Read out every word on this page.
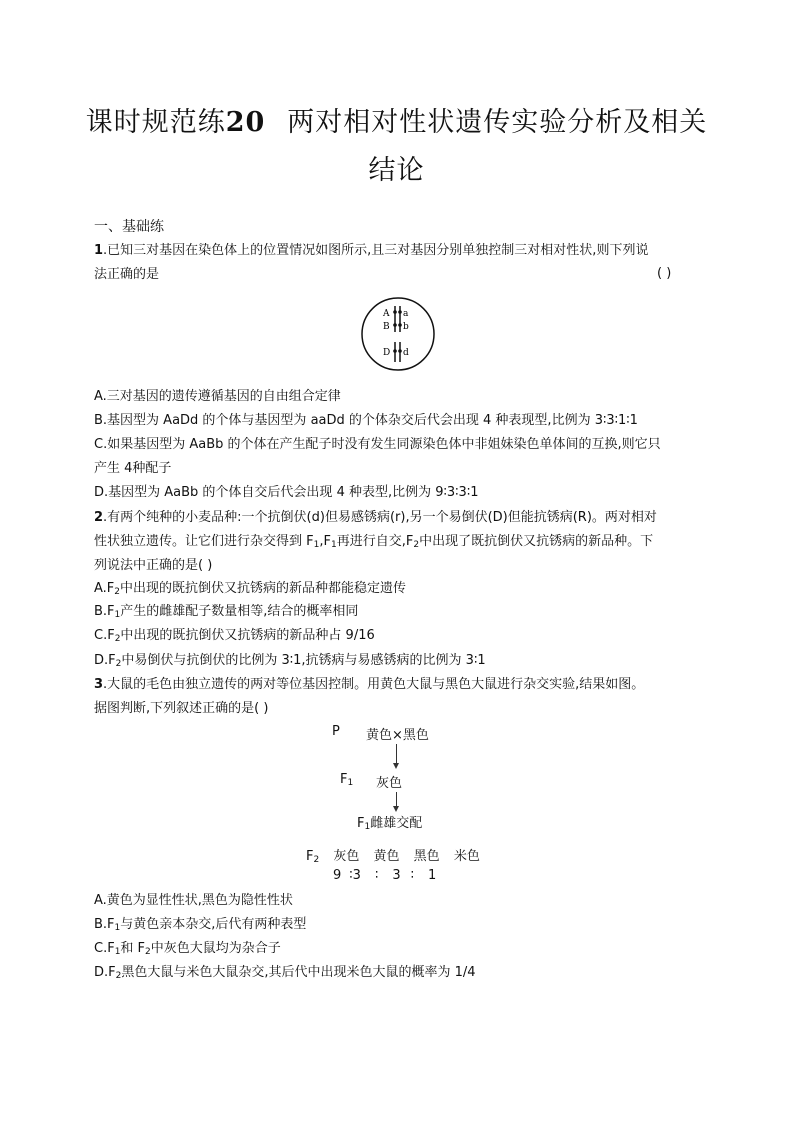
课时规范练20 两对相对性状遗传实验分析及相关
结论
一、基础练
1.已知三对基因在染色体上的位置情况如图所示,且三对基因分别单独控制三对相对性状,则下列说
法正确的是	( )
A
B
D
a
b
d
A.三对基因的遗传遵循基因的自由组合定律
B.基因型为 AaDd 的个体与基因型为 aaDd 的个体杂交后代会出现 4 种表现型,比例为 3∶3∶1∶1
C.如果基因型为 AaBb 的个体在产生配子时没有发生同源染色体中非姐妹染色单体间的互换,则它只
产生 4种配子
D.基因型为 AaBb 的个体自交后代会出现 4 种表型,比例为 9∶3∶3∶1
2.有两个纯种的小麦品种:一个抗倒伏(d)但易感锈病(r),另一个易倒伏(D)但能抗锈病(R)。两对相对
性状独立遗传。让它们进行杂交得到 $F_1,F_1$再进行自交$,F_2$中出现了既抗倒伏又抗锈病的新品种。下
列说法中正确的是( )
$A.F_2$中出现的既抗倒伏又抗锈病的新品种都能稳定遗传
$B.F_1$产生的雌雄配子数量相等,结合的概率相同
$C.F_2$中出现的既抗倒伏又抗锈病的新品种占 9/16
$D.F_2$中易倒伏与抗倒伏的比例为 3∶1,抗锈病与易感锈病的比例为 3∶1
3.大鼠的毛色由独立遗传的两对等位基因控制。用黄色大鼠与黑色大鼠进行杂交实验,结果如图。
据图判断,下列叙述正确的是( )
P 黄色×黑色
$F_1$ 灰色
$F_1$雌雄交配
$F_2$ 灰色 黄色 黑色 米色
9 ∶3 ∶ 3 ∶ 1
A.黄色为显性性状,黑色为隐性性状
$B.F_1$与黄色亲本杂交,后代有两种表型
$C.F_1$和 $F_2$中灰色大鼠均为杂合子
$D.F_2$黑色大鼠与米色大鼠杂交,其后代中出现米色大鼠的概率为 1/4
